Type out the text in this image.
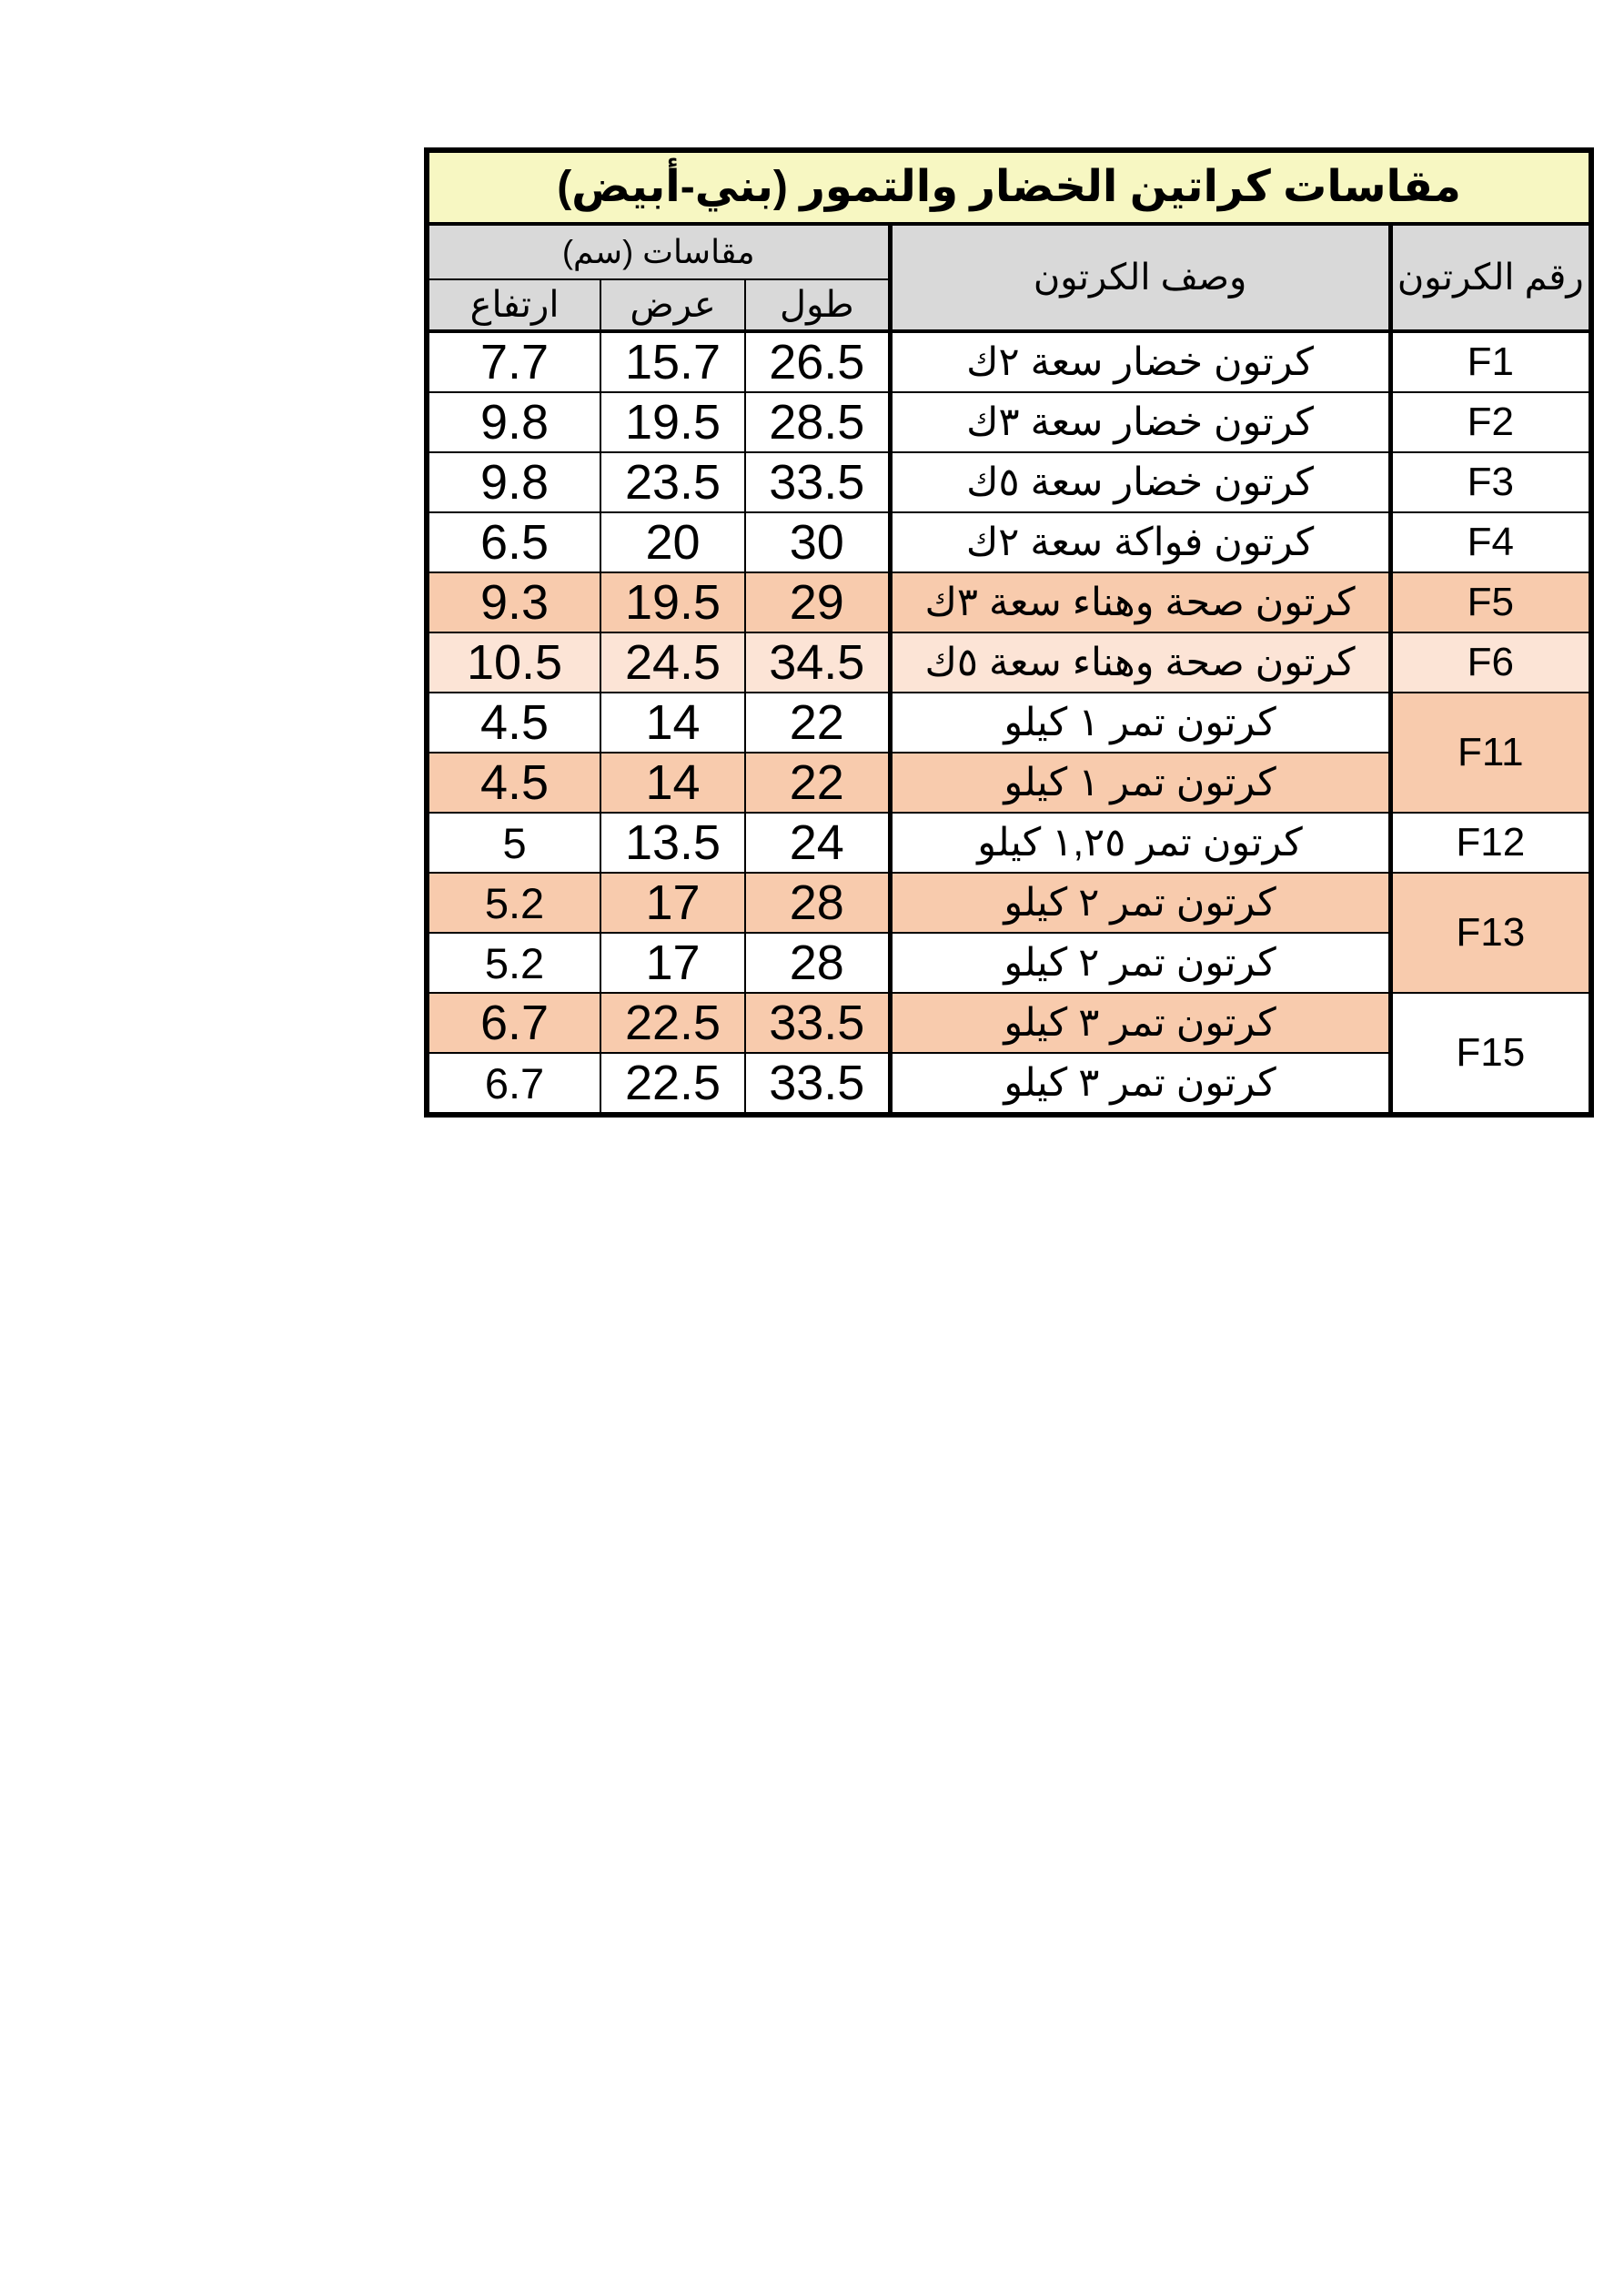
مقاسات كراتين الخضار والتمور (بني-أبيض)				
رقم الكرتون	وصف الكرتون	مقاسات (سم)		
		طول	عرض	ارتفاع
F1	كرتون خضار سعة ٢ك	26.5	15.7	7.7
F2	كرتون خضار سعة ٣ك	28.5	19.5	9.8
F3	كرتون خضار سعة ٥ك	33.5	23.5	9.8
F4	كرتون فواكة سعة ٢ك	30	20	6.5
F5	كرتون صحة وهناء سعة ٣ك	29	19.5	9.3
F6	كرتون صحة وهناء سعة ٥ك	34.5	24.5	10.5
F11	كرتون تمر ١ كيلو	22	14	4.5
	كرتون تمر ١ كيلو	22	14	4.5
F12	كرتون تمر ١,٢٥ كيلو	24	13.5	5
F13	كرتون تمر ٢ كيلو	28	17	5.2
	كرتون تمر ٢ كيلو	28	17	5.2
F15	كرتون تمر ٣ كيلو	33.5	22.5	6.7
	كرتون تمر ٣ كيلو	33.5	22.5	6.7
